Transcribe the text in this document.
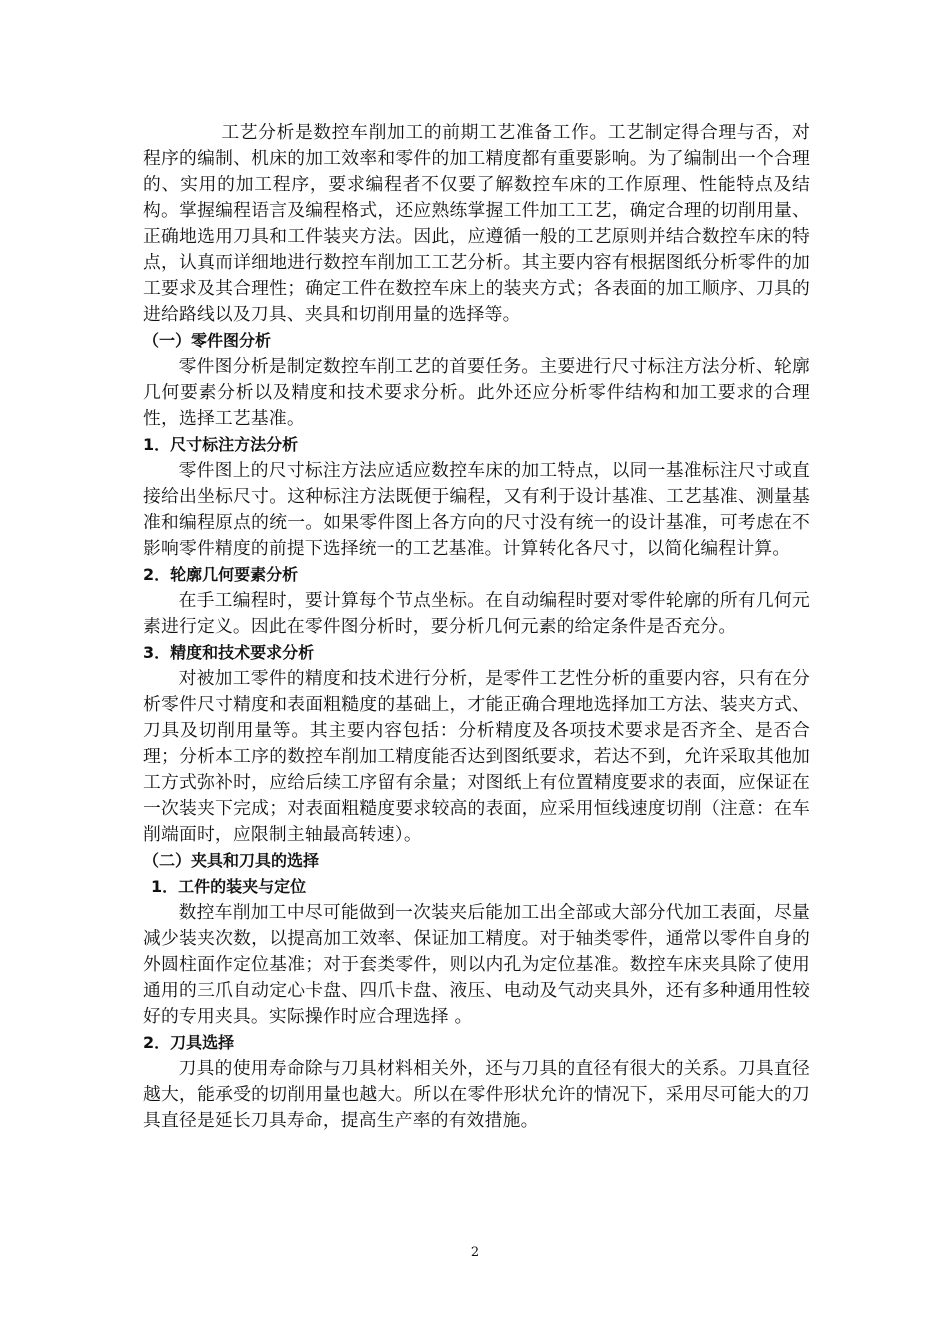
工艺分析是数控车削加工的前期工艺准备工作。工艺制定得合理与否，对程序的编制、机床的加工效率和零件的加工精度都有重要影响。为了编制出一个合理的、实用的加工程序，要求编程者不仅要了解数控车床的工作原理、性能特点及结构。掌握编程语言及编程格式，还应熟练掌握工件加工工艺，确定合理的切削用量、正确地选用刀具和工件装夹方法。因此，应遵循一般的工艺原则并结合数控车床的特点，认真而详细地进行数控车削加工工艺分析。其主要内容有根据图纸分析零件的加工要求及其合理性；确定工件在数控车床上的装夹方式；各表面的加工顺序、刀具的进给路线以及刀具、夹具和切削用量的选择等。

（一）零件图分析

零件图分析是制定数控车削工艺的首要任务。主要进行尺寸标注方法分析、轮廓几何要素分析以及精度和技术要求分析。此外还应分析零件结构和加工要求的合理性，选择工艺基准。

1．尺寸标注方法分析

零件图上的尺寸标注方法应适应数控车床的加工特点，以同一基准标注尺寸或直接给出坐标尺寸。这种标注方法既便于编程，又有利于设计基准、工艺基准、测量基准和编程原点的统一。如果零件图上各方向的尺寸没有统一的设计基准，可考虑在不影响零件精度的前提下选择统一的工艺基准。计算转化各尺寸，以简化编程计算。

2．轮廓几何要素分析

在手工编程时，要计算每个节点坐标。在自动编程时要对零件轮廓的所有几何元素进行定义。因此在零件图分析时，要分析几何元素的给定条件是否充分。

3．精度和技术要求分析

对被加工零件的精度和技术进行分析，是零件工艺性分析的重要内容，只有在分析零件尺寸精度和表面粗糙度的基础上，才能正确合理地选择加工方法、装夹方式、刀具及切削用量等。其主要内容包括：分析精度及各项技术要求是否齐全、是否合理；分析本工序的数控车削加工精度能否达到图纸要求，若达不到，允许采取其他加工方式弥补时，应给后续工序留有余量；对图纸上有位置精度要求的表面，应保证在一次装夹下完成；对表面粗糙度要求较高的表面，应采用恒线速度切削（注意：在车削端面时，应限制主轴最高转速）。

（二）夹具和刀具的选择
1．工件的装夹与定位

数控车削加工中尽可能做到一次装夹后能加工出全部或大部分代加工表面，尽量减少装夹次数，以提高加工效率、保证加工精度。对于轴类零件，通常以零件自身的外圆柱面作定位基准；对于套类零件，则以内孔为定位基准。数控车床夹具除了使用通用的三爪自动定心卡盘、四爪卡盘、液压、电动及气动夹具外，还有多种通用性较好的专用夹具。实际操作时应合理选择 。

2．刀具选择

刀具的使用寿命除与刀具材料相关外，还与刀具的直径有很大的关系。刀具直径越大，能承受的切削用量也越大。所以在零件形状允许的情况下，采用尽可能大的刀具直径是延长刀具寿命，提高生产率的有效措施。

2
